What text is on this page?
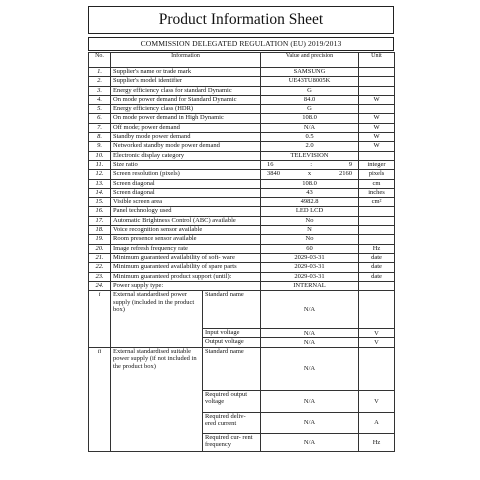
Product Information Sheet
COMMISSION DELEGATED REGULATION (EU) 2019/2013
No.	Information		Value and precision	Unit
1.	Supplier's name or trade mark		SAMSUNG	
2.	Supplier's model identifier		UE43TU8005K	
3.	Energy efficiency class for standard Dynamic		G	
4.	On mode power demand for Standard Dynamic		84.0	W
5.	Energy efficiency class (HDR)		G	
6.	On mode power demand in High Dynamic		108.0	W
7.	Off mode; power demand		N/A	W
8.	Standby mode power demand		0.5	W
9.	Networked standby mode power demand		2.0	W
10.	Electronic display category		TELEVISION	
11.	Size ratio		16 : 9	integer
12.	Screen resolution (pixels)		3840 x 2160	pixels
13.	Screen diagonal		108.0	cm
14.	Screen diagonal		43	inches
15.	Visible screen area		4982.8	cm²
16.	Panel technology used		LED LCD	
17.	Automatic Brightness Control (ABC) available		No	
18.	Voice recognition sensor available		N	
19.	Room presence sensor available		No	
20.	Image refresh frequency rate		60	Hz
21.	Minimum guaranteed availability of soft- ware		2029-03-31	date
22.	Minimum guaranteed availability of spare parts		2029-03-31	date
23.	Minimum guaranteed product support (until):		2029-03-31	date
24.	Power supply type:		INTERNAL	
i	External standardised power supply (included in the product box)	Standard name	N/A	
		Input voltage	N/A	V
		Output voltage	N/A	V
ii	External standardised suitable power supply (if not included in the product box)	Standard name	N/A	
		Required output voltage	N/A	V
		Required deliv- ered current	N/A	A
		Required cur- rent frequency	N/A	Hz
